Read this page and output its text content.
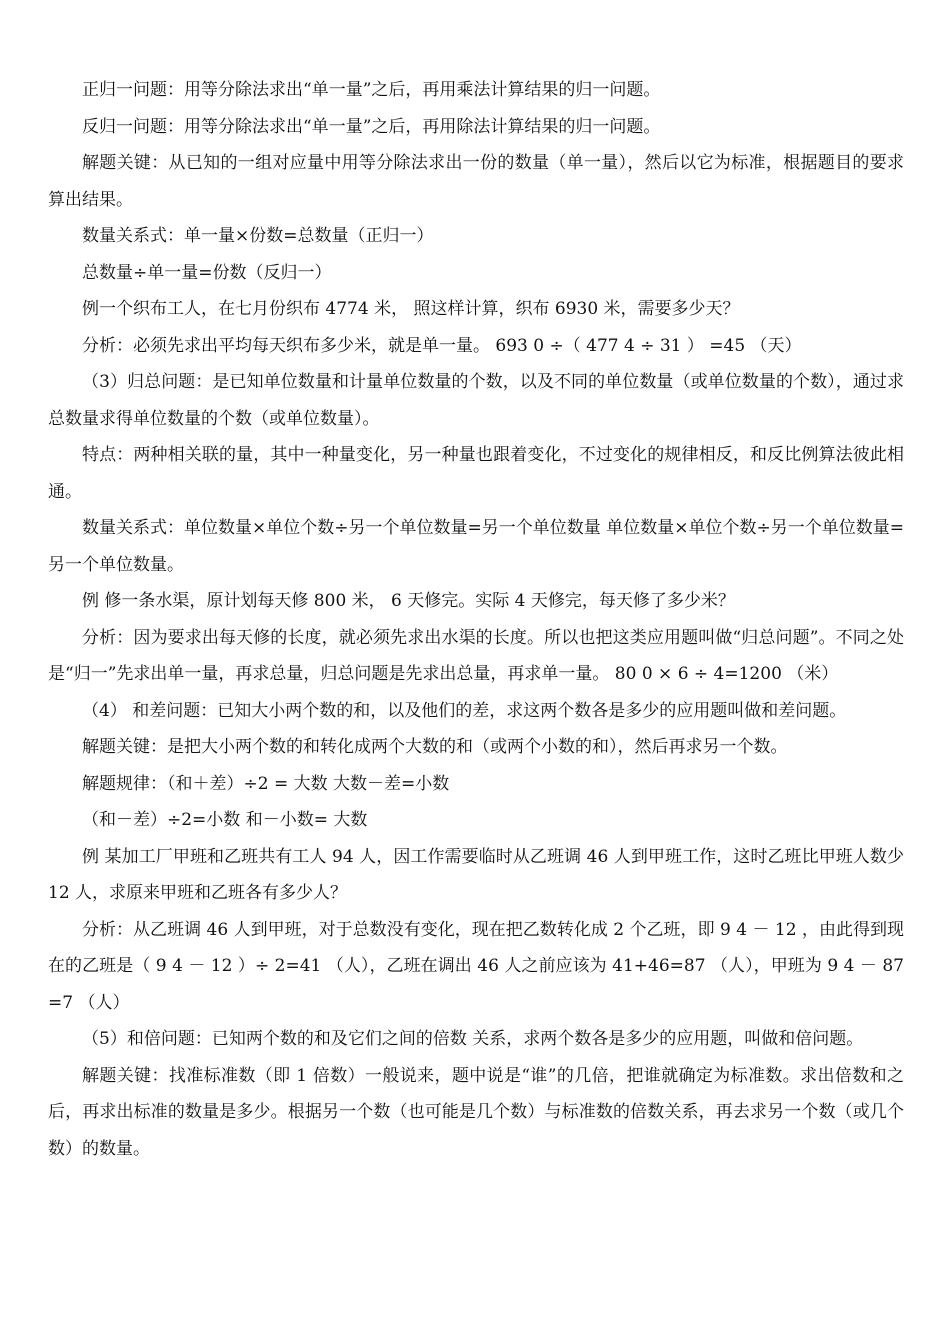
正归一问题：用等分除法求出“单一量”之后，再用乘法计算结果的归一问题。

反归一问题：用等分除法求出“单一量”之后，再用除法计算结果的归一问题。

解题关键：从已知的一组对应量中用等分除法求出一份的数量（单一量），然后以它为标准，根据题目的要求算出结果。

数量关系式：单一量×份数=总数量（正归一）

总数量÷单一量=份数（反归一）

例一个织布工人，在七月份织布 4774 米， 照这样计算，织布 6930 米，需要多少天？

分析：必须先求出平均每天织布多少米，就是单一量。 693 0 ÷（ 477 4 ÷ 31 ） =45 （天）

（3）归总问题：是已知单位数量和计量单位数量的个数，以及不同的单位数量（或单位数量的个数），通过求总数量求得单位数量的个数（或单位数量）。

特点：两种相关联的量，其中一种量变化，另一种量也跟着变化，不过变化的规律相反，和反比例算法彼此相通。

数量关系式：单位数量×单位个数÷另一个单位数量=另一个单位数量 单位数量×单位个数÷另一个单位数量= 另一个单位数量。

例 修一条水渠，原计划每天修 800 米， 6 天修完。实际 4 天修完，每天修了多少米？

分析：因为要求出每天修的长度，就必须先求出水渠的长度。所以也把这类应用题叫做“归总问题”。不同之处是“归一”先求出单一量，再求总量，归总问题是先求出总量，再求单一量。 80 0 × 6 ÷ 4=1200 （米）

（4） 和差问题：已知大小两个数的和，以及他们的差，求这两个数各是多少的应用题叫做和差问题。

解题关键：是把大小两个数的和转化成两个大数的和（或两个小数的和），然后再求另一个数。

解题规律：（和＋差）÷2 = 大数 大数－差=小数

（和－差）÷2=小数 和－小数= 大数

例 某加工厂甲班和乙班共有工人 94 人，因工作需要临时从乙班调 46 人到甲班工作，这时乙班比甲班人数少 12 人，求原来甲班和乙班各有多少人？

分析：从乙班调 46 人到甲班，对于总数没有变化，现在把乙数转化成 2 个乙班，即 9 4 － 12 ，由此得到现在的乙班是（ 9 4 － 12 ）÷ 2=41 （人），乙班在调出 46 人之前应该为 41+46=87 （人），甲班为 9 4 － 87=7 （人）

（5）和倍问题：已知两个数的和及它们之间的倍数 关系，求两个数各是多少的应用题，叫做和倍问题。

解题关键：找准标准数（即 1 倍数）一般说来，题中说是“谁”的几倍，把谁就确定为标准数。求出倍数和之后，再求出标准的数量是多少。根据另一个数（也可能是几个数）与标准数的倍数关系，再去求另一个数（或几个数）的数量。
